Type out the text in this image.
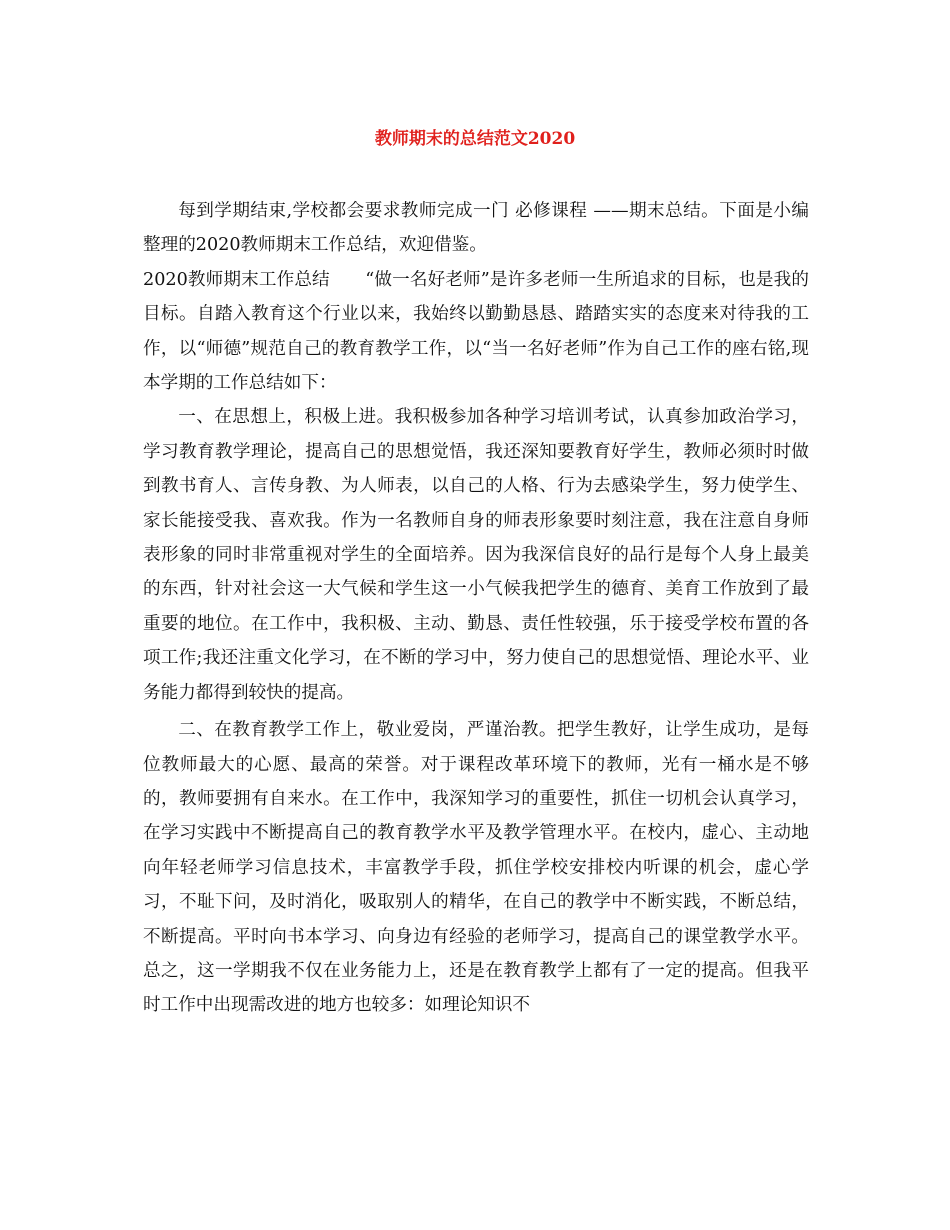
教师期末的总结范文2020

每到学期结束,学校都会要求教师完成一门 必修课程 ——期末总结。下面是小编整理的2020教师期末工作总结，欢迎借鉴。

2020教师期末工作总结　　“做一名好老师”是许多老师一生所追求的目标，也是我的目标。自踏入教育这个行业以来，我始终以勤勤恳恳、踏踏实实的态度来对待我的工作，以“师德”规范自己的教育教学工作，以“当一名好老师”作为自己工作的座右铭,现本学期的工作总结如下：

一、在思想上，积极上进。我积极参加各种学习培训考试，认真参加政治学习，学习教育教学理论，提高自己的思想觉悟，我还深知要教育好学生，教师必须时时做到教书育人、言传身教、为人师表，以自己的人格、行为去感染学生，努力使学生、家长能接受我、喜欢我。作为一名教师自身的师表形象要时刻注意，我在注意自身师表形象的同时非常重视对学生的全面培养。因为我深信良好的品行是每个人身上最美的东西，针对社会这一大气候和学生这一小气候我把学生的德育、美育工作放到了最重要的地位。在工作中，我积极、主动、勤恳、责任性较强，乐于接受学校布置的各项工作;我还注重文化学习，在不断的学习中，努力使自己的思想觉悟、理论水平、业务能力都得到较快的提高。

二、在教育教学工作上，敬业爱岗，严谨治教。把学生教好，让学生成功，是每位教师最大的心愿、最高的荣誉。对于课程改革环境下的教师，光有一桶水是不够的，教师要拥有自来水。在工作中，我深知学习的重要性，抓住一切机会认真学习，在学习实践中不断提高自己的教育教学水平及教学管理水平。在校内，虚心、主动地向年轻老师学习信息技术，丰富教学手段，抓住学校安排校内听课的机会，虚心学习，不耻下问，及时消化，吸取别人的精华，在自己的教学中不断实践，不断总结，不断提高。平时向书本学习、向身边有经验的老师学习，提高自己的课堂教学水平。总之，这一学期我不仅在业务能力上，还是在教育教学上都有了一定的提高。但我平时工作中出现需改进的地方也较多：如理论知识不
